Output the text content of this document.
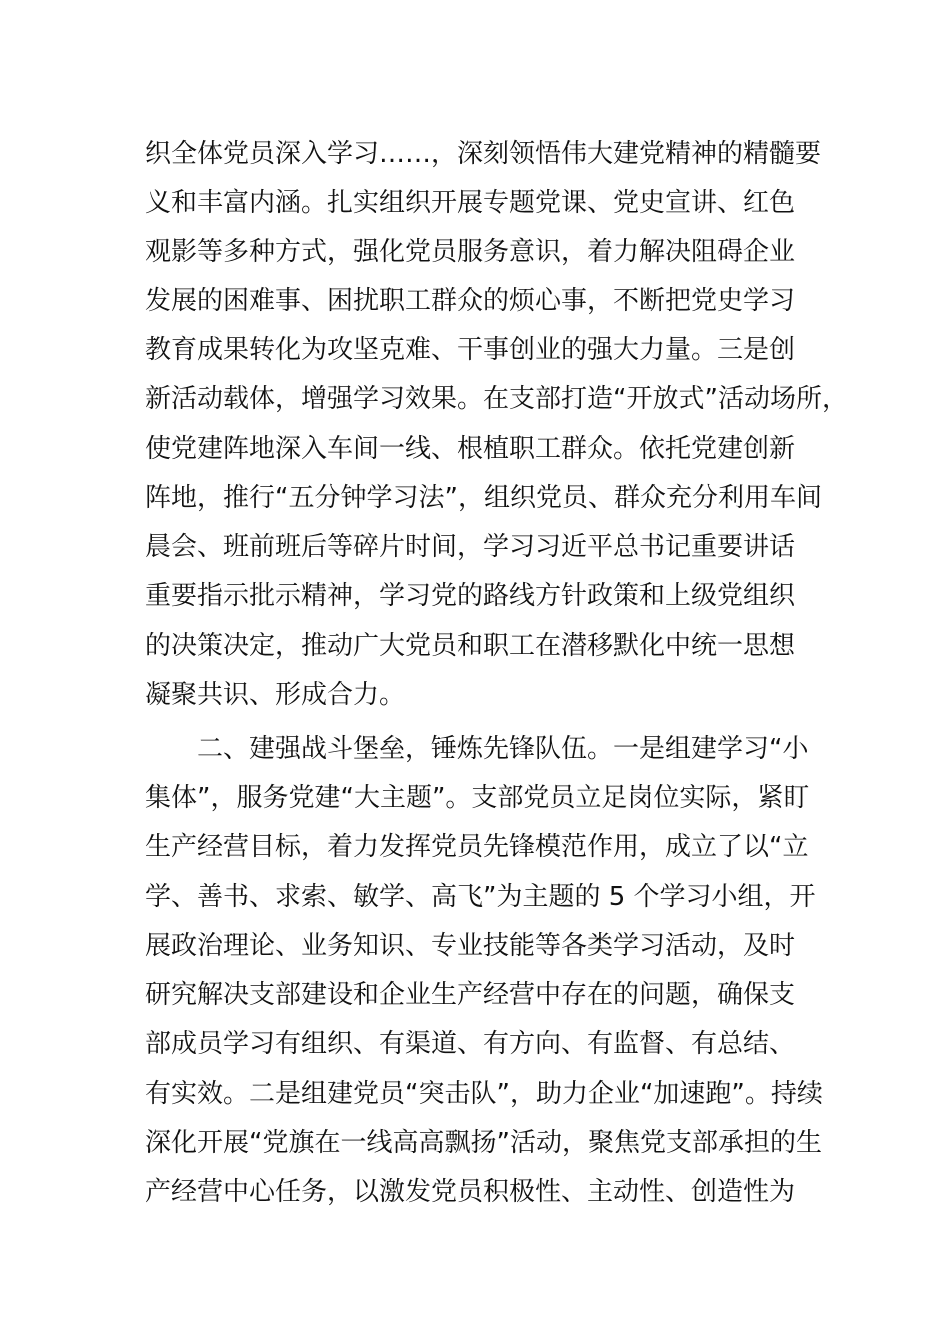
织全体党员深入学习……，深刻领悟伟大建党精神的精髓要
义和丰富内涵。扎实组织开展专题党课、党史宣讲、红色
观影等多种方式，强化党员服务意识，着力解决阻碍企业
发展的困难事、困扰职工群众的烦心事，不断把党史学习
教育成果转化为攻坚克难、干事创业的强大力量。三是创
新活动载体，增强学习效果。在支部打造“开放式”活动场所，
使党建阵地深入车间一线、根植职工群众。依托党建创新
阵地，推行“五分钟学习法”，组织党员、群众充分利用车间
晨会、班前班后等碎片时间，学习习近平总书记重要讲话
重要指示批示精神，学习党的路线方针政策和上级党组织
的决策决定，推动广大党员和职工在潜移默化中统一思想
凝聚共识、形成合力。
二、建强战斗堡垒，锤炼先锋队伍。一是组建学习“小
集体”，服务党建“大主题”。支部党员立足岗位实际，紧盯
生产经营目标，着力发挥党员先锋模范作用，成立了以“立
学、善书、求索、敏学、高飞”为主题的 5 个学习小组，开
展政治理论、业务知识、专业技能等各类学习活动，及时
研究解决支部建设和企业生产经营中存在的问题，确保支
部成员学习有组织、有渠道、有方向、有监督、有总结、
有实效。二是组建党员“突击队”，助力企业“加速跑”。持续
深化开展“党旗在一线高高飘扬”活动，聚焦党支部承担的生
产经营中心任务，以激发党员积极性、主动性、创造性为
